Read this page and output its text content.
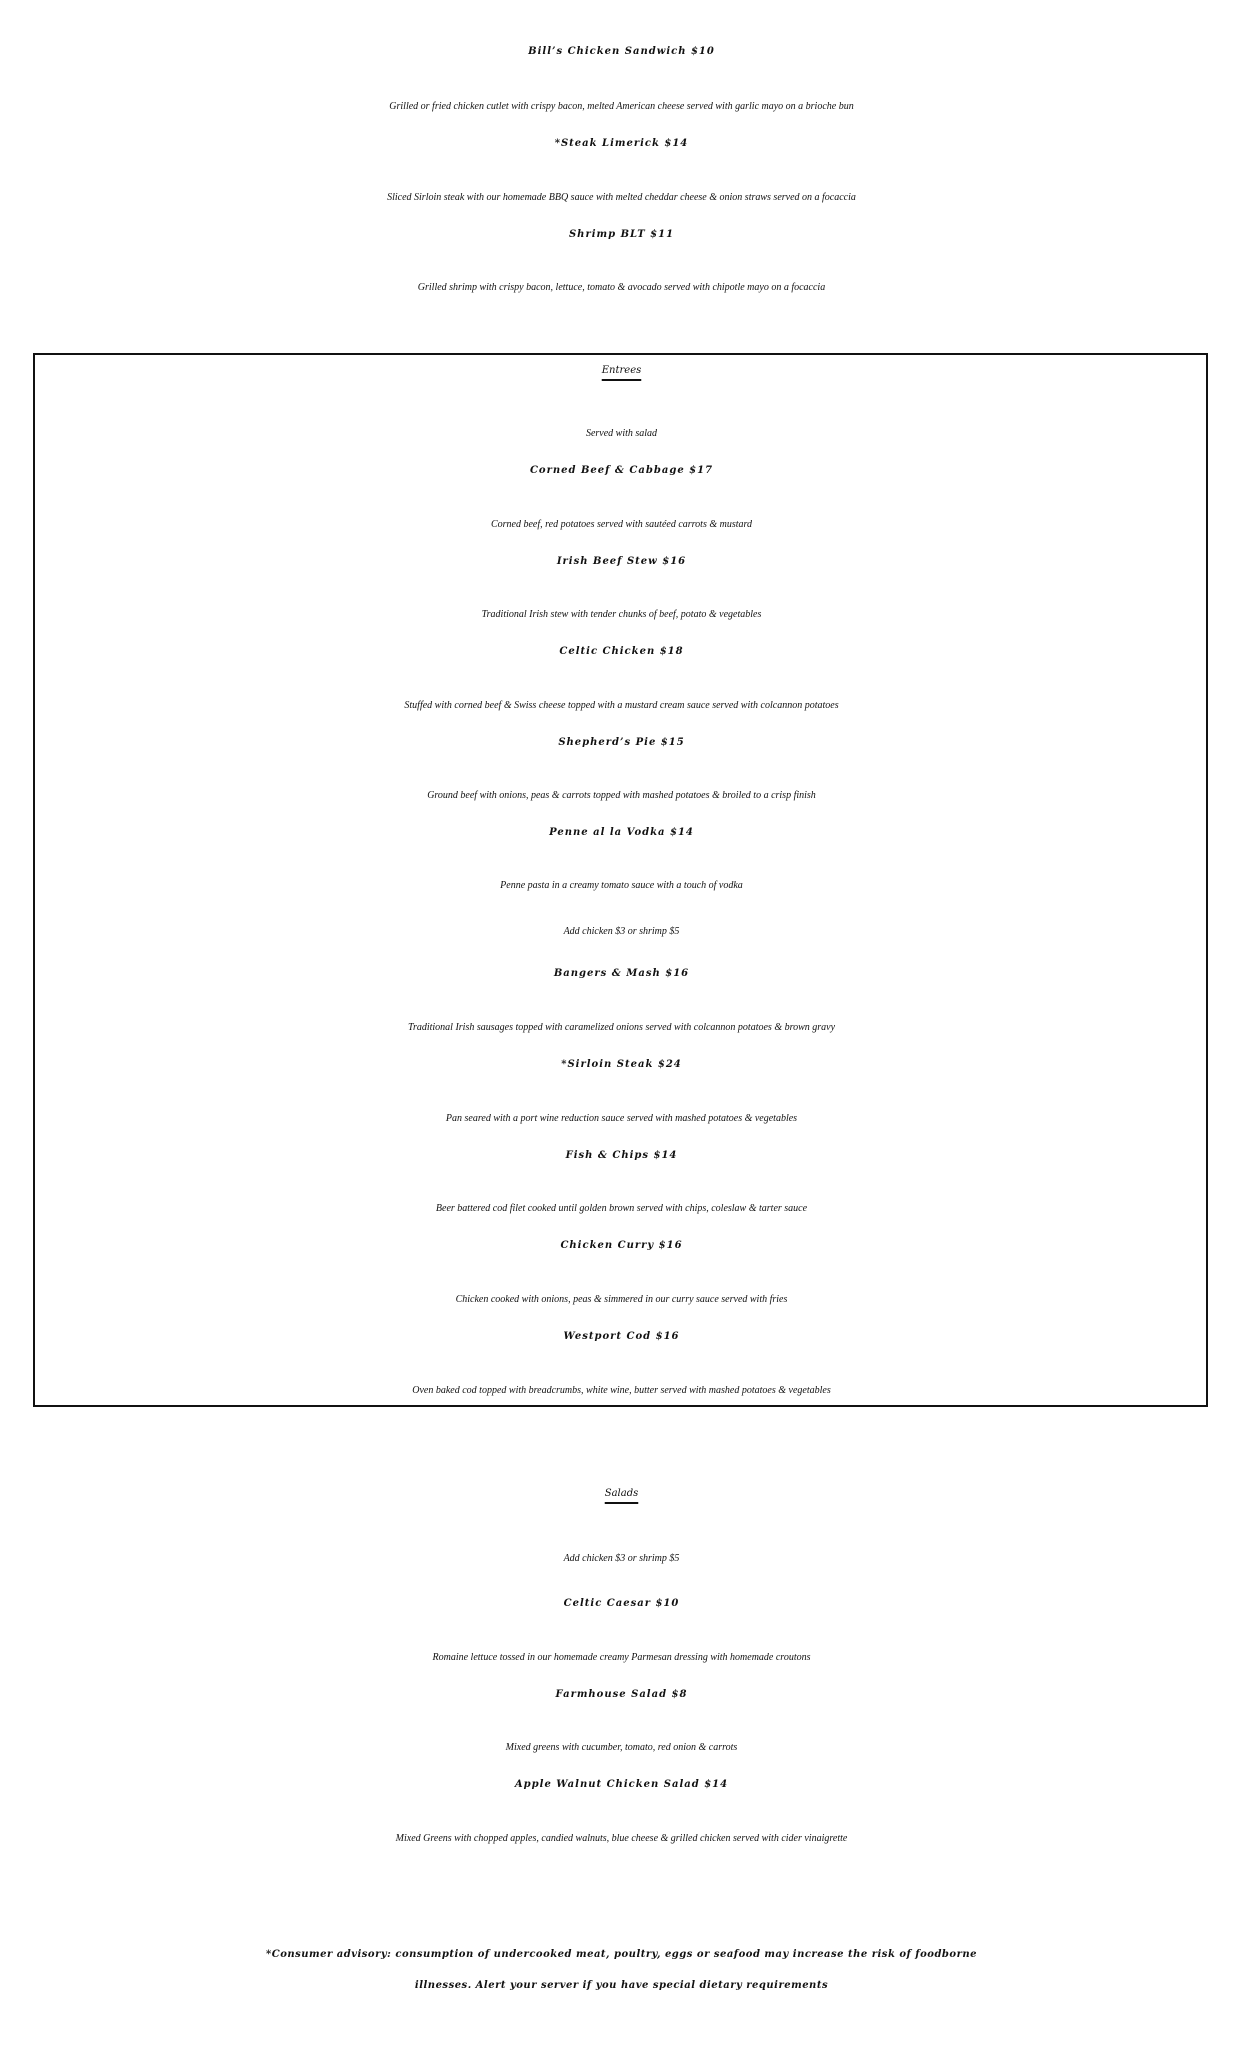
Bill’s Chicken Sandwich $10
Grilled or fried chicken cutlet with crispy bacon, melted American cheese served with garlic mayo on a brioche bun
*Steak Limerick $14
Sliced Sirloin steak with our homemade BBQ sauce with melted cheddar cheese & onion straws served on a focaccia
Shrimp BLT $11
Grilled shrimp with crispy bacon, lettuce, tomato & avocado served with chipotle mayo on a focaccia
Entrees
Served with salad
Corned Beef & Cabbage $17
Corned beef, red potatoes served with sautéed carrots & mustard
Irish Beef Stew $16
Traditional Irish stew with tender chunks of beef, potato & vegetables
Celtic Chicken $18
Stuffed with corned beef & Swiss cheese topped with a mustard cream sauce served with colcannon potatoes
Shepherd’s Pie $15
Ground beef with onions, peas & carrots topped with mashed potatoes & broiled to a crisp finish
Penne al la Vodka $14
Penne pasta in a creamy tomato sauce with a touch of vodka
Add chicken $3 or shrimp $5
Bangers & Mash $16
Traditional Irish sausages topped with caramelized onions served with colcannon potatoes & brown gravy
*Sirloin Steak $24
Pan seared with a port wine reduction sauce served with mashed potatoes & vegetables
Fish & Chips $14
Beer battered cod filet cooked until golden brown served with chips, coleslaw & tarter sauce
Chicken Curry $16
Chicken cooked with onions, peas & simmered in our curry sauce served with fries
Westport Cod $16
Oven baked cod topped with breadcrumbs, white wine, butter served with mashed potatoes & vegetables
Salads
Add chicken $3 or shrimp $5
Celtic Caesar $10
Romaine lettuce tossed in our homemade creamy Parmesan dressing with homemade croutons
Farmhouse Salad $8
Mixed greens with cucumber, tomato, red onion & carrots
Apple Walnut Chicken Salad $14
Mixed Greens with chopped apples, candied walnuts, blue cheese & grilled chicken served with cider vinaigrette
*Consumer advisory: consumption of undercooked meat, poultry, eggs or seafood may increase the risk of foodborne
illnesses. Alert your server if you have special dietary requirements
